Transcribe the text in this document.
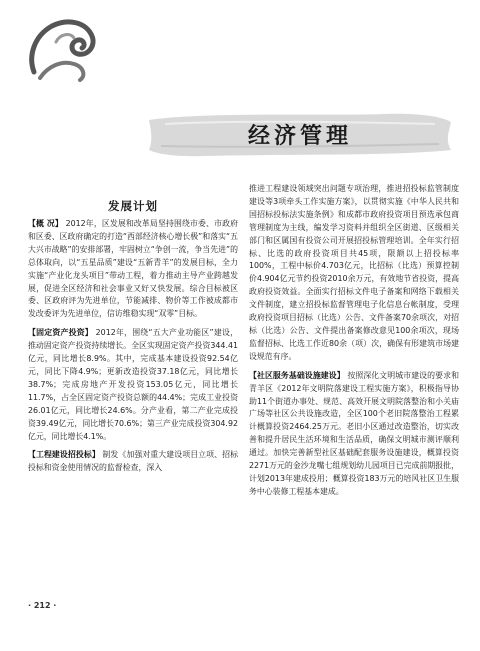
经济管理
发展计划

【概 况】 2012年，区发展和改革局坚持围绕市委、市政府和区委、区政府确定的打造“西部经济核心增长极”和落实“五大兴市战略”的安排部署，牢固树立“争创一流，争当先进”的总体取向，以“五星品质”建设“五新青羊”的发展目标，全力实施“产业化龙头项目”带动工程，着力推动主导产业跨越发展，促进全区经济和社会事业又好又快发展。综合目标被区委、区政府评为先进单位，节能减排、物价等工作被成都市发改委评为先进单位，信访维稳实现“双零”目标。

【固定资产投资】 2012年，围绕“五大产业功能区”建设，推动固定资产投资持续增长。全区实现固定资产投资344.41亿元，同比增长8.9%。其中，完成基本建设投资92.54亿元，同比下降4.9%；更新改造投资37.18亿元，同比增长38.7%；完成房地产开发投资153.05亿元，同比增长11.7%，占全区固定资产投资总额的44.4%；完成工业投资26.01亿元，同比增长24.6%。分产业看，第二产业完成投资39.49亿元，同比增长70.6%；第三产业完成投资304.92亿元，同比增长4.1%。

【工程建设招投标】 制发《加强对重大建设项目立项、招标投标和资金使用情况的监督检查，深入

推进工程建设领域突出问题专项治理，推进招投标监管制度建设等3项牵头工作实施方案》，以贯彻实施《中华人民共和国招标投标法实施条例》和成都市政府投资项目预选承包商管理制度为主线，编发学习资料并组织全区街道、区级相关部门和区属国有投资公司开展招投标管理培训。全年实行招标、比选的政府投资项目共45项，限额以上招投标率100%，工程中标价4.703亿元，比招标（比选）预算控制价4.904亿元节约投资2010余万元，有效地节省投资，提高政府投资效益。全面实行招标文件电子备案和网络下载相关文件制度，建立招投标监督管理电子化信息台帐制度，受理政府投资项目招标（比选）公告、文件备案70余项次，对招标（比选）公告、文件提出备案修改意见100余项次，现场监督招标、比选工作近80余（项）次，确保有形建筑市场建设规范有序。

【社区服务基础设施建设】 按照深化文明城市建设的要求和青羊区《2012年文明院落建设工程实施方案》，积极指导协助11个街道办事处、规范、高效开展文明院落整治和小关庙广场等社区公共设施改造，全区100个老旧院落整治工程累计概算投资2464.25万元。老旧小区通过改造整治，切实改善和提升居民生活环境和生活品质，确保文明城市测评顺利通过。加快完善新型社区基础配套服务设施建设，概算投资2271万元的金沙龙嘴七组规划幼儿园项目已完成前期报批，计划2013年建成投用；概算投资183万元的培风社区卫生服务中心装修工程基本建成。

· 212 ·
